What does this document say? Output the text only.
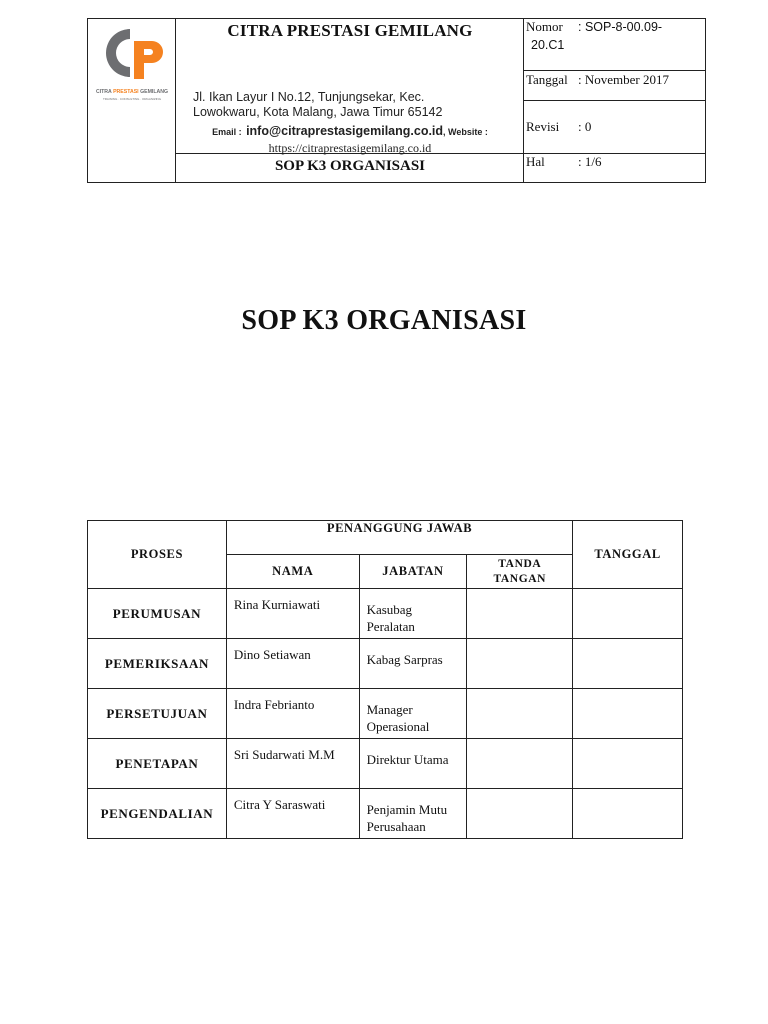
CITRA PRESTASI GEMILANG
TRAINING · CONSULTING · ORGANIZING
CITRA PRESTASI GEMILANG
Jl. Ikan Layur I No.12, Tunjungsekar, Kec.
Lowokwaru, Kota Malang, Jawa Timur 65142
Email : info@citraprestasigemilang.co.id, Website :
https://citraprestasigemilang.co.id
SOP K3 ORGANISASI
Nomor : SOP-8-00.09-
20.C1
Tanggal : November 2017
Revisi : 0
Hal	: 1/6
SOP K3 ORGANISASI
PROSES	PENANGGUNG JAWAB			TANGGAL
	NAMA	JABATAN	TANDA
TANGAN	

PERUMUSAN	Rina Kurniawati	Kasubag
Peralatan		

PEMERIKSAAN	Dino Setiawan	Kabag Sarpras		

PERSETUJUAN	Indra Febrianto	Manager
Operasional		

PENETAPAN	Sri Sudarwati M.M	Direktur Utama		

PENGENDALIAN	Citra Y Saraswati	Penjamin Mutu
Perusahaan		
